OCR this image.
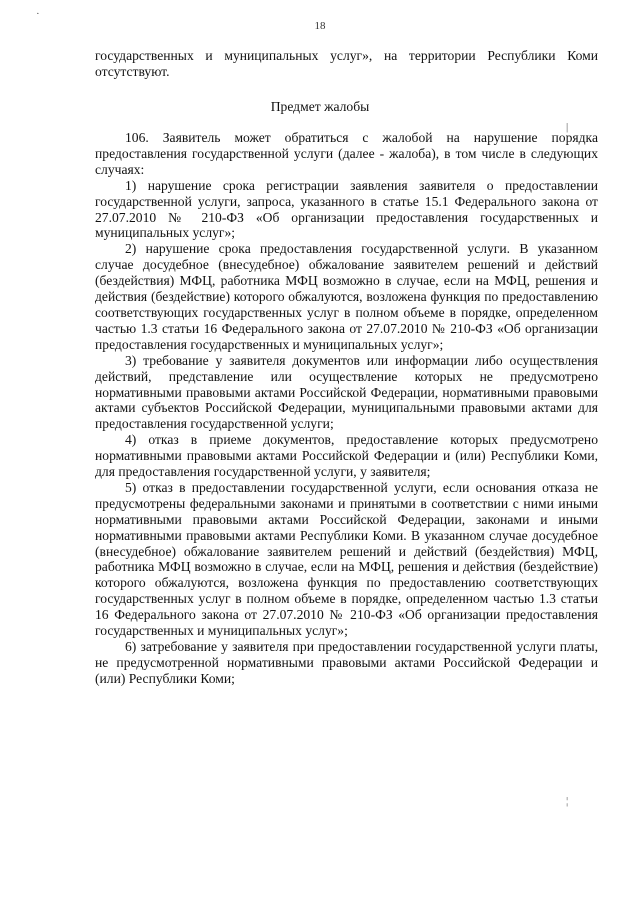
18

государственных и муниципальных услуг», на территории Республики Коми отсутствуют.

Предмет жалобы

106. Заявитель может обратиться с жалобой на нарушение порядка предоставления государственной услуги (далее - жалоба), в том числе в следующих случаях:

1) нарушение срока регистрации заявления заявителя о предоставлении государственной услуги, запроса, указанного в статье 15.1 Федерального закона от 27.07.2010 № 210-ФЗ «Об организации предоставления государственных и муниципальных услуг»;

2) нарушение срока предоставления государственной услуги. В указанном случае досудебное (внесудебное) обжалование заявителем решений и действий (бездействия) МФЦ, работника МФЦ возможно в случае, если на МФЦ, решения и действия (бездействие) которого обжалуются, возложена функция по предоставлению соответствующих государственных услуг в полном объеме в порядке, определенном частью 1.3 статьи 16 Федерального закона от 27.07.2010 № 210-ФЗ «Об организации предоставления государственных и муниципальных услуг»;

3) требование у заявителя документов или информации либо осуществления действий, представление или осуществление которых не предусмотрено нормативными правовыми актами Российской Федерации, нормативными правовыми актами субъектов Российской Федерации, муниципальными правовыми актами для предоставления государственной услуги;

4) отказ в приеме документов, предоставление которых предусмотрено нормативными правовыми актами Российской Федерации и (или) Республики Коми, для предоставления государственной услуги, у заявителя;

5) отказ в предоставлении государственной услуги, если основания отказа не предусмотрены федеральными законами и принятыми в соответствии с ними иными нормативными правовыми актами Российской Федерации, законами и иными нормативными правовыми актами Республики Коми. В указанном случае досудебное (внесудебное) обжалование заявителем решений и действий (бездействия) МФЦ, работника МФЦ возможно в случае, если на МФЦ, решения и действия (бездействие) которого обжалуются, возложена функция по предоставлению соответствующих государственных услуг в полном объеме в порядке, определенном частью 1.3 статьи 16 Федерального закона от 27.07.2010 № 210-ФЗ «Об организации предоставления государственных и муниципальных услуг»;

6) затребование у заявителя при предоставлении государственной услуги платы, не предусмотренной нормативными правовыми актами Российской Федерации и (или) Республики Коми;

·
|
¦
